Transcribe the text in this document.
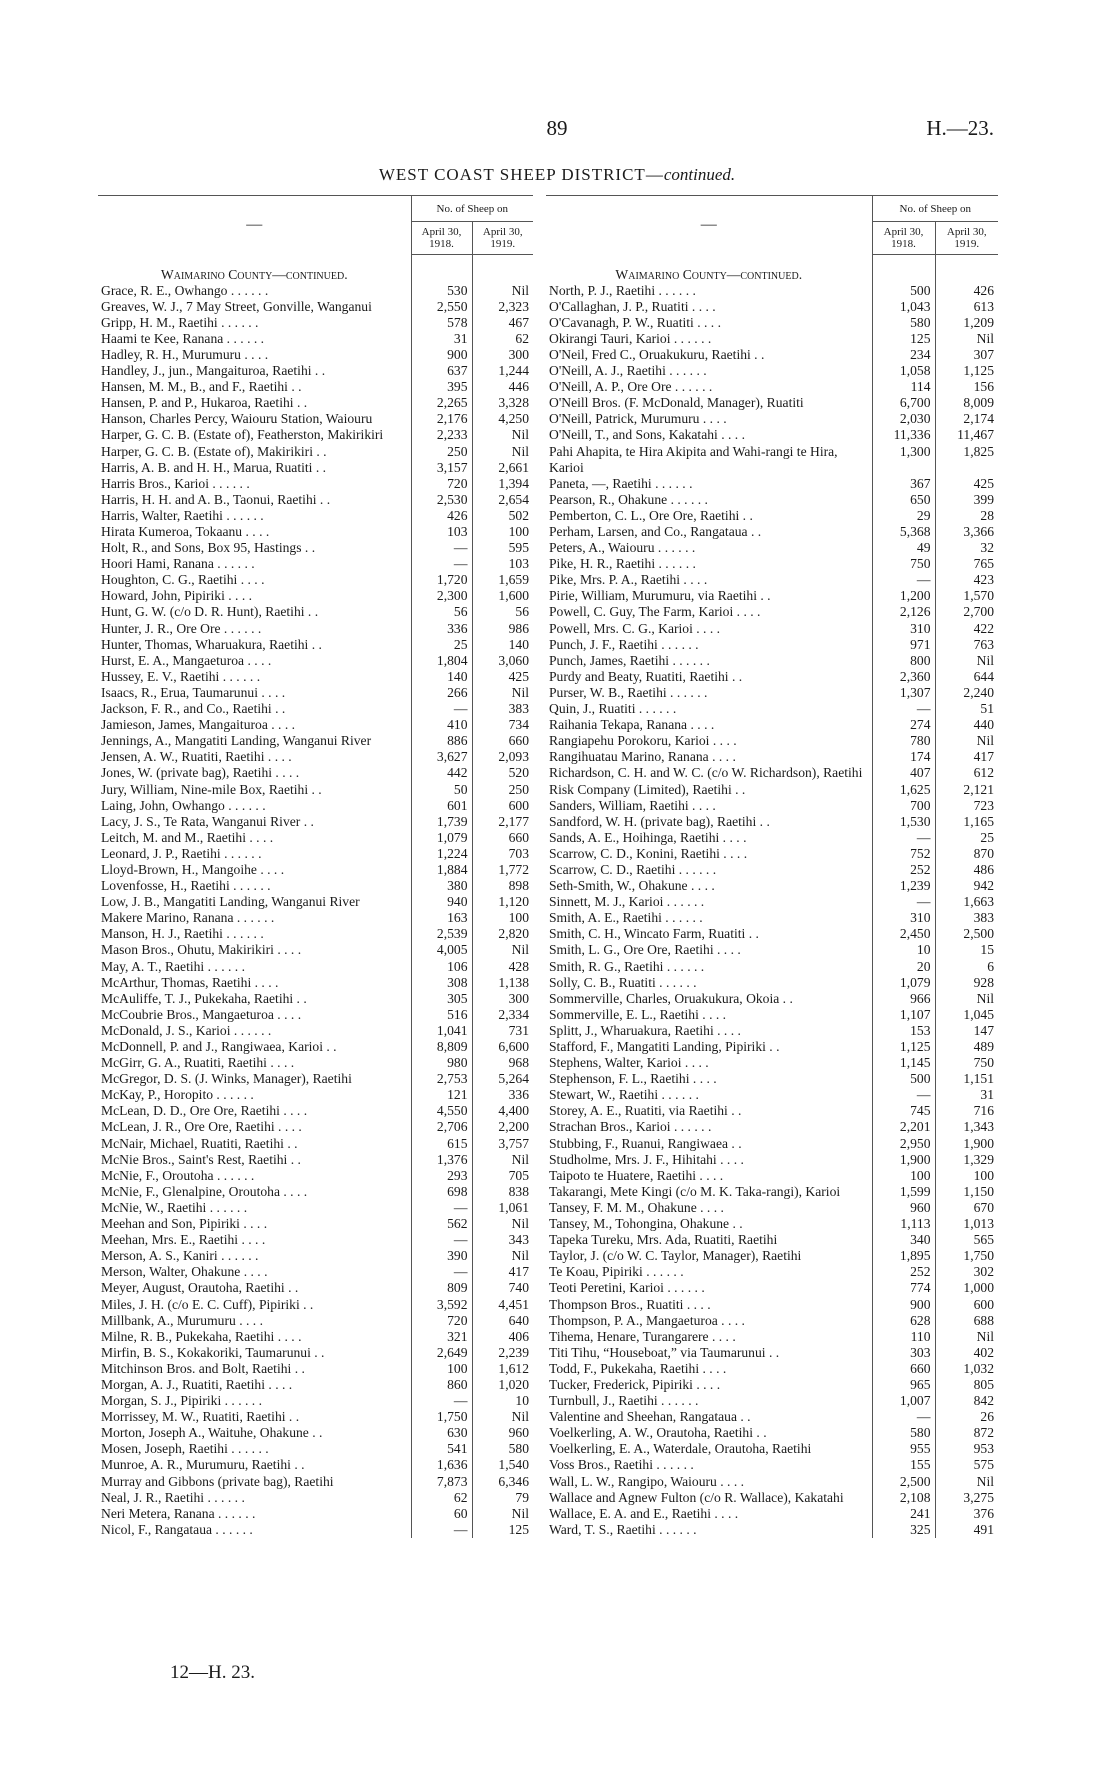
89	H.—23.
WEST COAST SHEEP DISTRICT—continued.
—	No. of Sheep on	
	April 30, 1918.	April 30, 1919.
Waimarino County—continued.		
Grace, R. E., Owhango . . . . . .	530	Nil
Greaves, W. J., 7 May Street, Gonville, Wanganui	2,550	2,323
Gripp, H. M., Raetihi . . . . . .	578	467
Haami te Kee, Ranana . . . . . .	31	62
Hadley, R. H., Murumuru . . . .	900	300
Handley, J., jun., Mangaituroa, Raetihi . .	637	1,244
Hansen, M. M., B., and F., Raetihi . .	395	446
Hansen, P. and P., Hukaroa, Raetihi . .	2,265	3,328
Hanson, Charles Percy, Waiouru Station, Waiouru	2,176	4,250
Harper, G. C. B. (Estate of), Featherston, Makirikiri	2,233	Nil
Harper, G. C. B. (Estate of), Makirikiri . .	250	Nil
Harris, A. B. and H. H., Marua, Ruatiti . .	3,157	2,661
Harris Bros., Karioi . . . . . .	720	1,394
Harris, H. H. and A. B., Taonui, Raetihi . .	2,530	2,654
Harris, Walter, Raetihi . . . . . .	426	502
Hirata Kumeroa, Tokaanu . . . .	103	100
Holt, R., and Sons, Box 95, Hastings . .	—	595
Hoori Hami, Ranana . . . . . .	—	103
Houghton, C. G., Raetihi . . . .	1,720	1,659
Howard, John, Pipiriki . . . .	2,300	1,600
Hunt, G. W. (c/o D. R. Hunt), Raetihi . .	56	56
Hunter, J. R., Ore Ore . . . . . .	336	986
Hunter, Thomas, Wharuakura, Raetihi . .	25	140
Hurst, E. A., Mangaeturoa . . . .	1,804	3,060
Hussey, E. V., Raetihi . . . . . .	140	425
Isaacs, R., Erua, Taumarunui . . . .	266	Nil
Jackson, F. R., and Co., Raetihi . .	—	383
Jamieson, James, Mangaituroa . . . .	410	734
Jennings, A., Mangatiti Landing, Wanganui River	886	660
Jensen, A. W., Ruatiti, Raetihi . . . .	3,627	2,093
Jones, W. (private bag), Raetihi . . . .	442	520
Jury, William, Nine-mile Box, Raetihi . .	50	250
Laing, John, Owhango . . . . . .	601	600
Lacy, J. S., Te Rata, Wanganui River . .	1,739	2,177
Leitch, M. and M., Raetihi . . . .	1,079	660
Leonard, J. P., Raetihi . . . . . .	1,224	703
Lloyd-Brown, H., Mangoihe . . . .	1,884	1,772
Lovenfosse, H., Raetihi . . . . . .	380	898
Low, J. B., Mangatiti Landing, Wanganui River	940	1,120
Makere Marino, Ranana . . . . . .	163	100
Manson, H. J., Raetihi . . . . . .	2,539	2,820
Mason Bros., Ohutu, Makirikiri . . . .	4,005	Nil
May, A. T., Raetihi . . . . . .	106	428
McArthur, Thomas, Raetihi . . . .	308	1,138
McAuliffe, T. J., Pukekaha, Raetihi . .	305	300
McCoubrie Bros., Mangaeturoa . . . .	516	2,334
McDonald, J. S., Karioi . . . . . .	1,041	731
McDonnell, P. and J., Rangiwaea, Karioi . .	8,809	6,600
McGirr, G. A., Ruatiti, Raetihi . . . .	980	968
McGregor, D. S. (J. Winks, Manager), Raetihi	2,753	5,264
McKay, P., Horopito . . . . . .	121	336
McLean, D. D., Ore Ore, Raetihi . . . .	4,550	4,400
McLean, J. R., Ore Ore, Raetihi . . . .	2,706	2,200
McNair, Michael, Ruatiti, Raetihi . .	615	3,757
McNie Bros., Saint's Rest, Raetihi . .	1,376	Nil
McNie, F., Oroutoha . . . . . .	293	705
McNie, F., Glenalpine, Oroutoha . . . .	698	838
McNie, W., Raetihi . . . . . .	—	1,061
Meehan and Son, Pipiriki . . . .	562	Nil
Meehan, Mrs. E., Raetihi . . . .	—	343
Merson, A. S., Kaniri . . . . . .	390	Nil
Merson, Walter, Ohakune . . . .	—	417
Meyer, August, Orautoha, Raetihi . .	809	740
Miles, J. H. (c/o E. C. Cuff), Pipiriki . .	3,592	4,451
Millbank, A., Murumuru . . . .	720	640
Milne, R. B., Pukekaha, Raetihi . . . .	321	406
Mirfin, B. S., Kokakoriki, Taumarunui . .	2,649	2,239
Mitchinson Bros. and Bolt, Raetihi . .	100	1,612
Morgan, A. J., Ruatiti, Raetihi . . . .	860	1,020
Morgan, S. J., Pipiriki . . . . . .	—	10
Morrissey, M. W., Ruatiti, Raetihi . .	1,750	Nil
Morton, Joseph A., Waituhe, Ohakune . .	630	960
Mosen, Joseph, Raetihi . . . . . .	541	580
Munroe, A. R., Murumuru, Raetihi . .	1,636	1,540
Murray and Gibbons (private bag), Raetihi	7,873	6,346
Neal, J. R., Raetihi . . . . . .	62	79
Neri Metera, Ranana . . . . . .	60	Nil
Nicol, F., Rangataua . . . . . .	—	125
—	No. of Sheep on	
	April 30, 1918.	April 30, 1919.
Waimarino County—continued.		
North, P. J., Raetihi . . . . . .	500	426
O'Callaghan, J. P., Ruatiti . . . .	1,043	613
O'Cavanagh, P. W., Ruatiti . . . .	580	1,209
Okirangi Tauri, Karioi . . . . . .	125	Nil
O'Neil, Fred C., Oruakukuru, Raetihi . .	234	307
O'Neill, A. J., Raetihi . . . . . .	1,058	1,125
O'Neill, A. P., Ore Ore . . . . . .	114	156
O'Neill Bros. (F. McDonald, Manager), Ruatiti	6,700	8,009
O'Neill, Patrick, Murumuru . . . .	2,030	2,174
O'Neill, T., and Sons, Kakatahi . . . .	11,336	11,467
Pahi Ahapita, te Hira Akipita and Wahi-rangi te Hira, Karioi	1,300	1,825
Paneta, —, Raetihi . . . . . .	367	425
Pearson, R., Ohakune . . . . . .	650	399
Pemberton, C. L., Ore Ore, Raetihi . .	29	28
Perham, Larsen, and Co., Rangataua . .	5,368	3,366
Peters, A., Waiouru . . . . . .	49	32
Pike, H. R., Raetihi . . . . . .	750	765
Pike, Mrs. P. A., Raetihi . . . .	—	423
Pirie, William, Murumuru, via Raetihi . .	1,200	1,570
Powell, C. Guy, The Farm, Karioi . . . .	2,126	2,700
Powell, Mrs. C. G., Karioi . . . .	310	422
Punch, J. F., Raetihi . . . . . .	971	763
Punch, James, Raetihi . . . . . .	800	Nil
Purdy and Beaty, Ruatiti, Raetihi . .	2,360	644
Purser, W. B., Raetihi . . . . . .	1,307	2,240
Quin, J., Ruatiti . . . . . .	—	51
Raihania Tekapa, Ranana . . . .	274	440
Rangiapehu Porokoru, Karioi . . . .	780	Nil
Rangihuatau Marino, Ranana . . . .	174	417
Richardson, C. H. and W. C. (c/o W. Richardson), Raetihi	407	612
Risk Company (Limited), Raetihi . .	1,625	2,121
Sanders, William, Raetihi . . . .	700	723
Sandford, W. H. (private bag), Raetihi . .	1,530	1,165
Sands, A. E., Hoihinga, Raetihi . . . .	—	25
Scarrow, C. D., Konini, Raetihi . . . .	752	870
Scarrow, C. D., Raetihi . . . . . .	252	486
Seth-Smith, W., Ohakune . . . .	1,239	942
Sinnett, M. J., Karioi . . . . . .	—	1,663
Smith, A. E., Raetihi . . . . . .	310	383
Smith, C. H., Wincato Farm, Ruatiti . .	2,450	2,500
Smith, L. G., Ore Ore, Raetihi . . . .	10	15
Smith, R. G., Raetihi . . . . . .	20	6
Solly, C. B., Ruatiti . . . . . .	1,079	928
Sommerville, Charles, Oruakukura, Okoia . .	966	Nil
Sommerville, E. L., Raetihi . . . .	1,107	1,045
Splitt, J., Wharuakura, Raetihi . . . .	153	147
Stafford, F., Mangatiti Landing, Pipiriki . .	1,125	489
Stephens, Walter, Karioi . . . .	1,145	750
Stephenson, F. L., Raetihi . . . .	500	1,151
Stewart, W., Raetihi . . . . . .	—	31
Storey, A. E., Ruatiti, via Raetihi . .	745	716
Strachan Bros., Karioi . . . . . .	2,201	1,343
Stubbing, F., Ruanui, Rangiwaea . .	2,950	1,900
Studholme, Mrs. J. F., Hihitahi . . . .	1,900	1,329
Taipoto te Huatere, Raetihi . . . .	100	100
Takarangi, Mete Kingi (c/o M. K. Taka-rangi), Karioi	1,599	1,150
Tansey, F. M. M., Ohakune . . . .	960	670
Tansey, M., Tohongina, Ohakune . .	1,113	1,013
Tapeka Tureku, Mrs. Ada, Ruatiti, Raetihi	340	565
Taylor, J. (c/o W. C. Taylor, Manager), Raetihi	1,895	1,750
Te Koau, Pipiriki . . . . . .	252	302
Teoti Peretini, Karioi . . . . . .	774	1,000
Thompson Bros., Ruatiti . . . .	900	600
Thompson, P. A., Mangaeturoa . . . .	628	688
Tihema, Henare, Turangarere . . . .	110	Nil
Titi Tihu, “Houseboat,” via Taumarunui . .	303	402
Todd, F., Pukekaha, Raetihi . . . .	660	1,032
Tucker, Frederick, Pipiriki . . . .	965	805
Turnbull, J., Raetihi . . . . . .	1,007	842
Valentine and Sheehan, Rangataua . .	—	26
Voelkerling, A. W., Orautoha, Raetihi . .	580	872
Voelkerling, E. A., Waterdale, Orautoha, Raetihi	955	953
Voss Bros., Raetihi . . . . . .	155	575
Wall, L. W., Rangipo, Waiouru . . . .	2,500	Nil
Wallace and Agnew Fulton (c/o R. Wallace), Kakatahi	2,108	3,275
Wallace, E. A. and E., Raetihi . . . .	241	376
Ward, T. S., Raetihi . . . . . .	325	491
12—H. 23.
